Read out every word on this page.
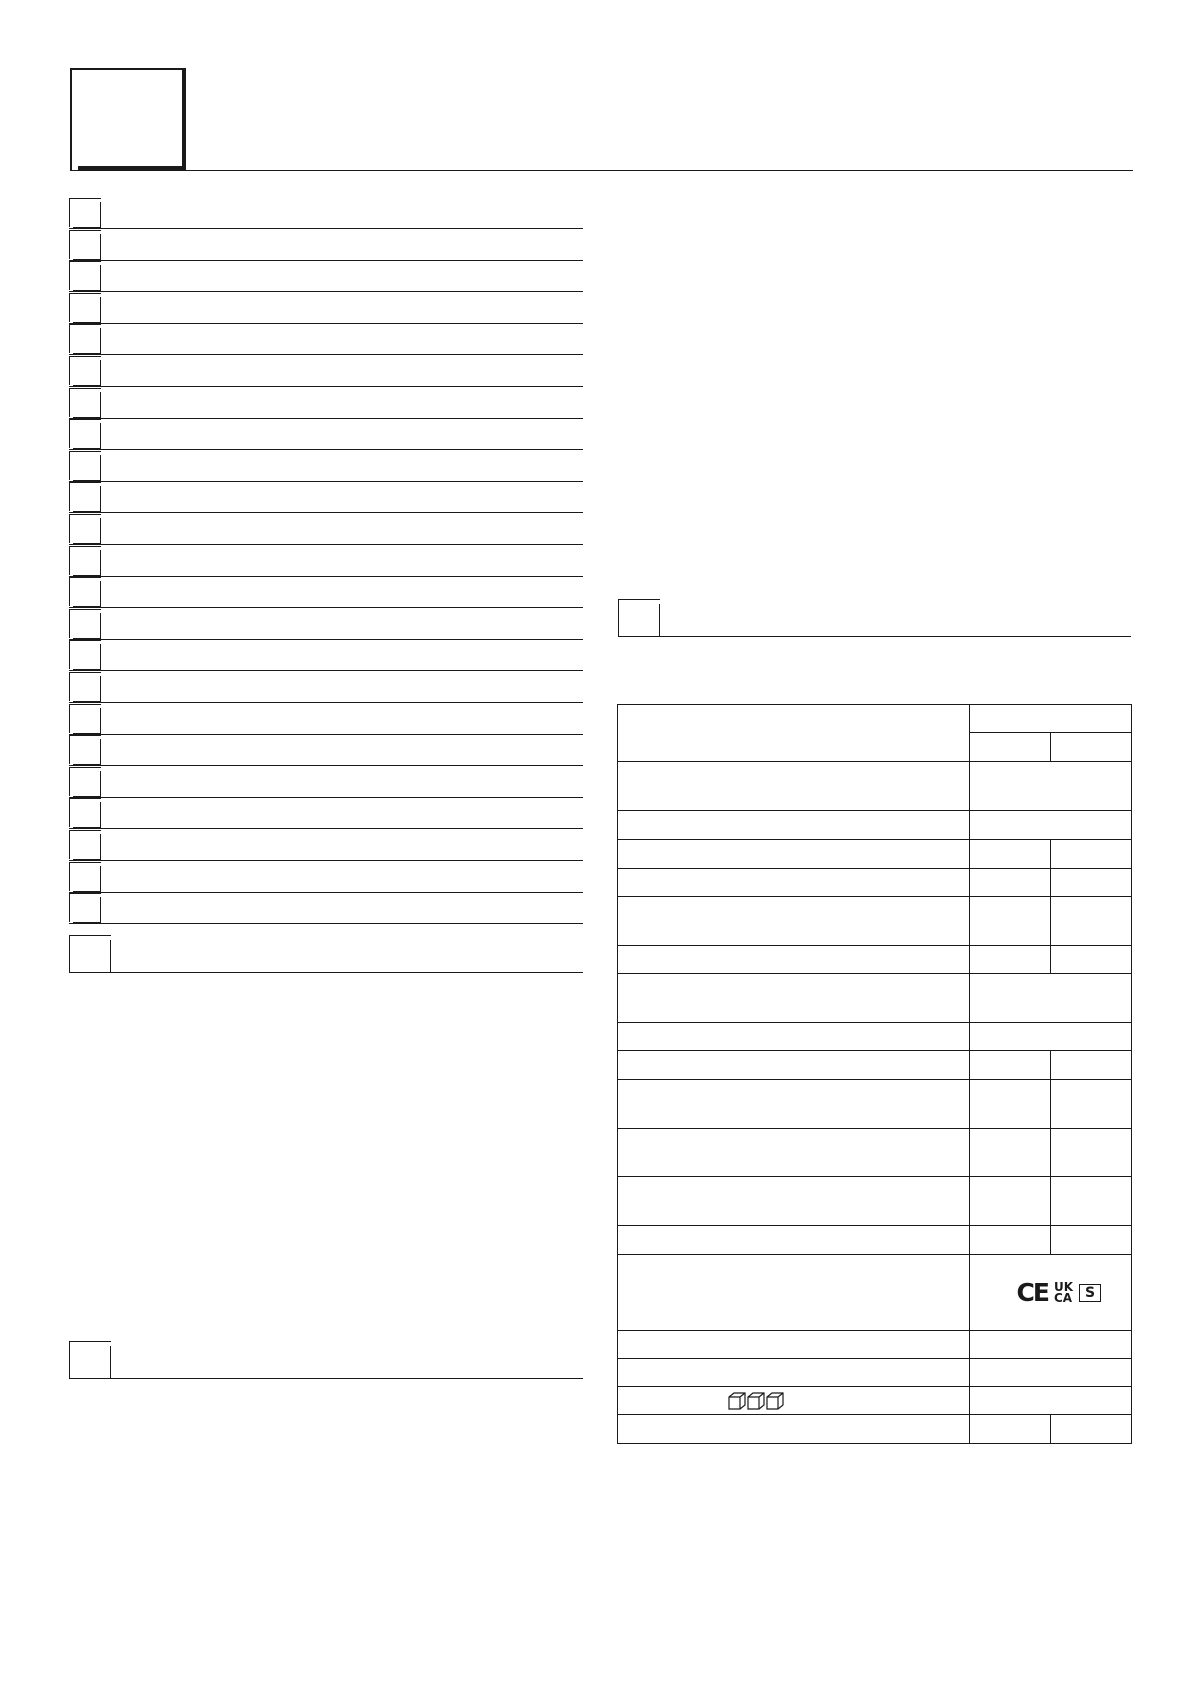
	CE UK
CA S	
